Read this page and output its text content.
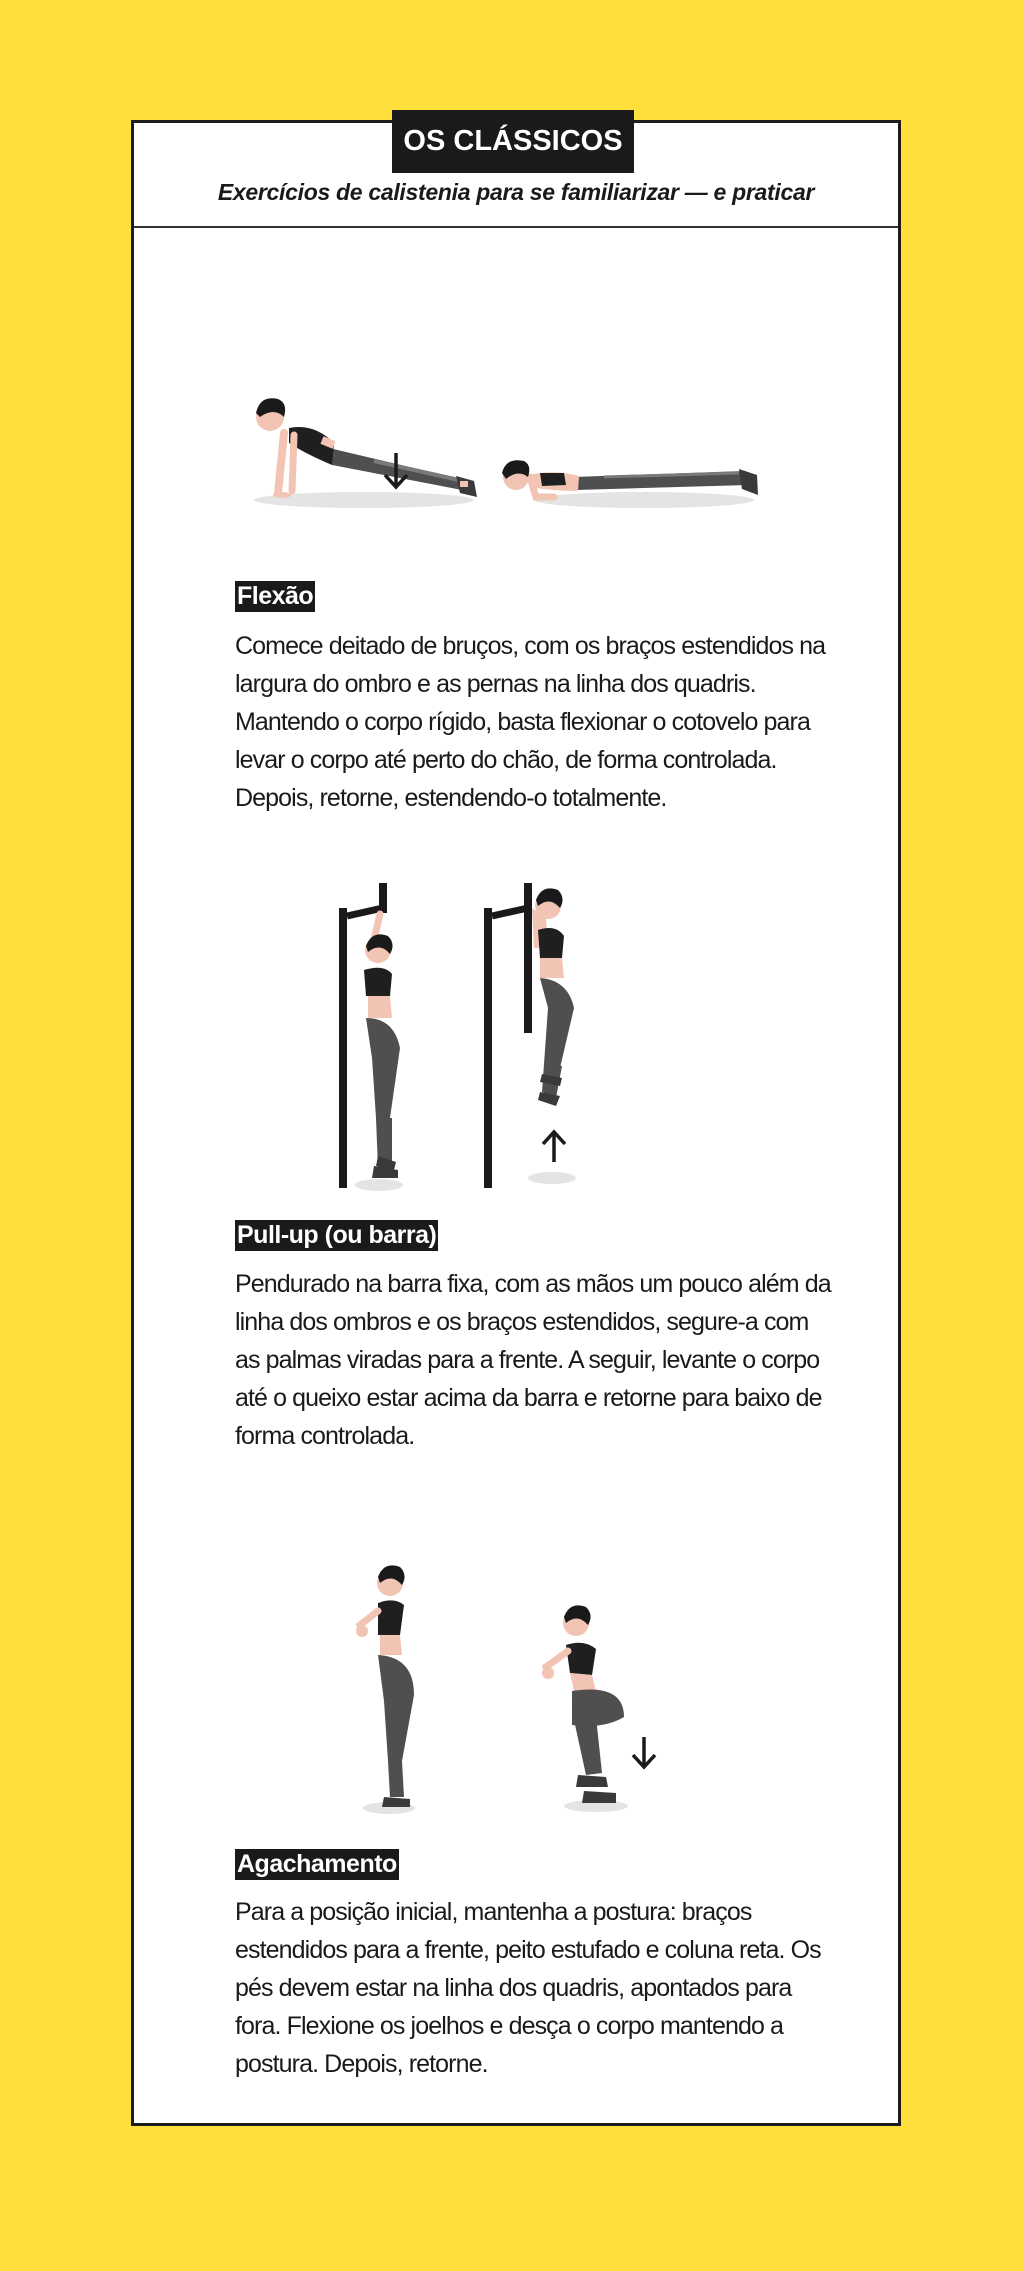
OS CLÁSSICOS
Exercícios de calistenia para se familiarizar — e praticar
Flexão

Comece deitado de bruços, com os braços estendidos na largura do ombro e as pernas na linha dos quadris. Mantendo o corpo rígido, basta flexionar o cotovelo para levar o corpo até perto do chão, de forma controlada. Depois, retorne, estendendo-o totalmente.

Pull-up (ou barra)

Pendurado na barra fixa, com as mãos um pouco além da linha dos ombros e os braços estendidos, segure-a com as palmas viradas para a frente. A seguir, levante o corpo até o queixo estar acima da barra e retorne para baixo de forma controlada.

Agachamento

Para a posição inicial, mantenha a postura: braços estendidos para a frente, peito estufado e coluna reta. Os pés devem estar na linha dos quadris, apontados para fora. Flexione os joelhos e desça o corpo mantendo a postura. Depois, retorne.
